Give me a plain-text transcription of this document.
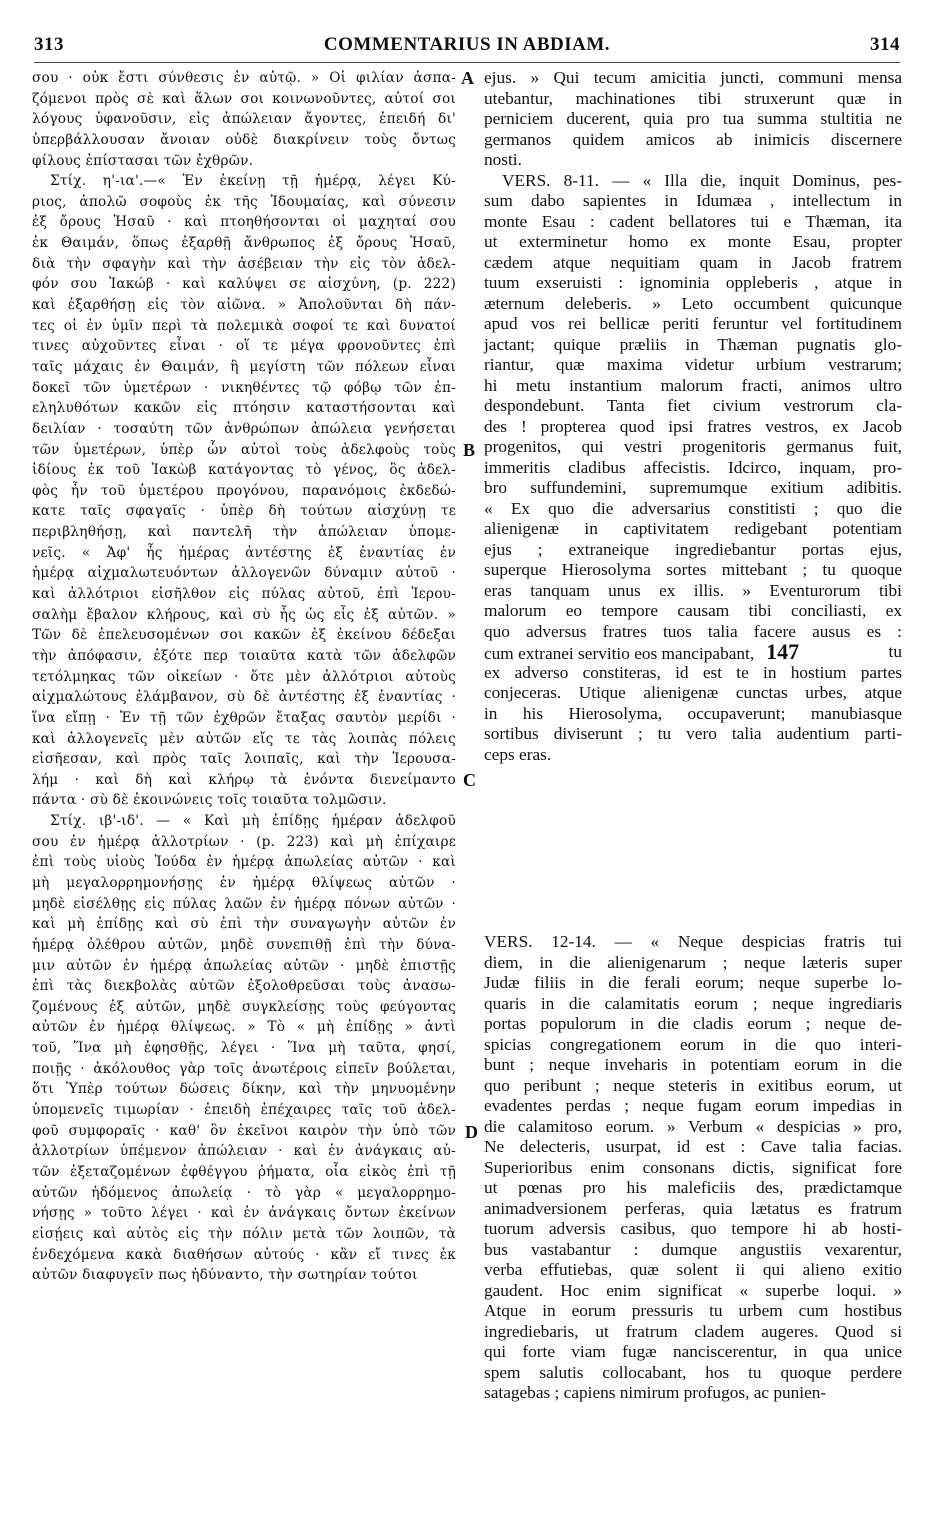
313	COMMENTARIUS IN ABDIAM.	314
σου · οὐκ ἔστι σύνθεσις ἐν αὐτῷ. » Οἱ φιλίαν ἀσπα-
ζόμενοι πρὸς σὲ καὶ ἅλων σοι κοινωνοῦντες, αὐτοί σοι
λόγους ὑφανοῦσιν, εἰς ἀπώλειαν ἄγοντες, ἐπειδή δι'
ὑπερβάλλουσαν ἄνοιαν οὐδὲ διακρίνειν τοὺς ὄντως
φίλους ἐπίστασαι τῶν ἐχθρῶν.
Στίχ. η'-ια'.—« Ἐν ἐκείνῃ τῇ ἡμέρᾳ, λέγει Κύ-
ριος, ἀπολῶ σοφοὺς ἐκ τῆς Ἰδουμαίας, καὶ σύνεσιν
ἐξ ὄρους Ἡσαῦ · καὶ πτοηθήσονται οἱ μαχηταί σου
ἐκ Θαιμάν, ὅπως ἐξαρθῇ ἄνθρωπος ἐξ ὄρους Ἡσαῦ,
διὰ τὴν σφαγὴν καὶ τὴν ἀσέβειαν τὴν εἰς τὸν ἀδελ-
φόν σου Ἰακώβ · καὶ καλύψει σε αἰσχύνη, (p. 222)
καὶ ἐξαρθήσῃ εἰς τὸν αἰῶνα. » Ἀπολοῦνται δὴ πάν-
τες οἱ ἐν ὑμῖν περὶ τὰ πολεμικὰ σοφοί τε καὶ δυνατοί
τινες αὐχοῦντες εἶναι · οἵ τε μέγα φρονοῦντες ἐπὶ
ταῖς μάχαις ἐν Θαιμάν, ἣ μεγίστη τῶν πόλεων εἶναι
δοκεῖ τῶν ὑμετέρων · νικηθέντες τῷ φόβῳ τῶν ἐπ-
εληλυθότων κακῶν εἰς πτόησιν καταστήσονται καὶ
δειλίαν · τοσαύτη τῶν ἀνθρώπων ἀπώλεια γενήσεται
τῶν ὑμετέρων, ὑπὲρ ὧν αὐτοὶ τοὺς ἀδελφοὺς τοὺς
ἰδίους ἐκ τοῦ Ἰακὼβ κατάγοντας τὸ γένος, ὃς ἀδελ-
φὸς ἦν τοῦ ὑμετέρου προγόνου, παρανόμοις ἐκδεδώ-
κατε ταῖς σφαγαῖς · ὑπὲρ δὴ τούτων αἰσχύνῃ τε
περιβληθήσῃ, καὶ παντελῆ τὴν ἀπώλειαν ὑπομε-
νεῖς. « Ἀφ' ἧς ἡμέρας ἀντέστης ἐξ ἐναντίας ἐν
ἡμέρᾳ αἰχμαλωτευόντων ἀλλογενῶν δύναμιν αὐτοῦ ·
καὶ ἀλλότριοι εἰσῆλθον εἰς πύλας αὐτοῦ, ἐπὶ Ἱερου-
σαλὴμ ἔβαλον κλήρους, καὶ σὺ ἧς ὡς εἷς ἐξ αὐτῶν. »
Τῶν δὲ ἐπελευσομένων σοι κακῶν ἐξ ἐκείνου δέδεξαι
τὴν ἀπόφασιν, ἐξότε περ τοιαῦτα κατὰ τῶν ἀδελφῶν
τετόλμηκας τῶν οἰκείων · ὅτε μὲν ἀλλότριοι αὐτοὺς
αἰχμαλώτους ἐλάμβανον, σὺ δὲ ἀντέστης ἐξ ἐναντίας ·
ἵνα εἴπῃ · Ἐν τῇ τῶν ἐχθρῶν ἔταξας σαυτὸν μερίδι ·
καὶ ἀλλογενεῖς μὲν αὐτῶν εἴς τε τὰς λοιπὰς πόλεις
εἰσῆεσαν, καὶ πρὸς ταῖς λοιπαῖς, καὶ τὴν Ἱερουσα-
λήμ · καὶ δὴ καὶ κλήρῳ τὰ ἐνόντα διενείμαντο
πάντα · σὺ δὲ ἐκοινώνεις τοῖς τοιαῦτα τολμῶσιν.
Στίχ. ιβ'-ιδ'. — « Καὶ μὴ ἐπίδῃς ἡμέραν ἀδελφοῦ
σου ἐν ἡμέρᾳ ἀλλοτρίων · (p. 223) καὶ μὴ ἐπίχαιρε
ἐπὶ τοὺς υἱοὺς Ἰούδα ἐν ἡμέρᾳ ἀπωλείας αὐτῶν · καὶ
μὴ μεγαλορρημονήσῃς ἐν ἡμέρᾳ θλίψεως αὐτῶν ·
μηδὲ εἰσέλθῃς εἰς πύλας λαῶν ἐν ἡμέρᾳ πόνων αὐτῶν ·
καὶ μὴ ἐπίδῃς καὶ σὺ ἐπὶ τὴν συναγωγὴν αὐτῶν ἐν
ἡμέρᾳ ὀλέθρου αὐτῶν, μηδὲ συνεπιθῇ ἐπὶ τὴν δύνα-
μιν αὐτῶν ἐν ἡμέρᾳ ἀπωλείας αὐτῶν · μηδὲ ἐπιστῇς
ἐπὶ τὰς διεκβολὰς αὐτῶν ἐξολοθρεῦσαι τοὺς ἀνασω-
ζομένους ἐξ αὐτῶν, μηδὲ συγκλείσῃς τοὺς φεύγοντας
αὐτῶν ἐν ἡμέρᾳ θλίψεως. » Τὸ « μὴ ἐπίδῃς » ἀντὶ
τοῦ, Ἵνα μὴ ἐφησθῇς, λέγει · Ἵνα μὴ ταῦτα, φησί,
ποιῇς · ἀκόλουθος γὰρ τοῖς ἀνωτέροις εἰπεῖν βούλεται,
ὅτι Ὑπὲρ τούτων δώσεις δίκην, καὶ τὴν μηνυομένην
ὑπομενεῖς τιμωρίαν · ἐπειδὴ ἐπέχαιρες ταῖς τοῦ ἀδελ-
φοῦ συμφοραῖς · καθ' ὃν ἐκεῖνοι καιρὸν τὴν ὑπὸ τῶν
ἀλλοτρίων ὑπέμενον ἀπώλειαν · καὶ ἐν ἀνάγκαις αὐ-
τῶν ἐξεταζομένων ἐφθέγγου ῥήματα, οἷα εἰκὸς ἐπὶ τῇ
αὐτῶν ἡδόμενος ἀπωλείᾳ · τὸ γὰρ « μεγαλορρημο-
νήσῃς » τοῦτο λέγει · καὶ ἐν ἀνάγκαις ὄντων ἐκείνων
εἰσῄεις καὶ αὐτὸς εἰς τὴν πόλιν μετὰ τῶν λοιπῶν, τὰ
ἐνδεχόμενα κακὰ διαθήσων αὐτούς · κἂν εἴ τινες ἐκ
αὐτῶν διαφυγεῖν πως ἠδύναντο, τὴν σωτηρίαν τούτοι
ejus. » Qui tecum amicitia juncti, communi mensa
utebantur, machinationes tibi struxerunt quæ in
perniciem ducerent, quia pro tua summa stultitia ne
germanos quidem amicos ab inimicis discernere
nosti.
VERS. 8-11. — « Illa die, inquit Dominus, pes-
sum dabo sapientes in Idumæa , intellectum in
monte Esau : cadent bellatores tui e Thæman, ita
ut exterminetur homo ex monte Esau, propter
cædem atque nequitiam quam in Jacob fratrem
tuum exseruisti : ignominia oppleberis , atque in
æternum deleberis. » Leto occumbent quicunque
apud vos rei bellicæ periti feruntur vel fortitudinem
jactant; quique præliis in Thæman pugnatis glo-
riantur, quæ maxima videtur urbium vestrarum;
hi metu instantium malorum fracti, animos ultro
despondebunt. Tanta fiet civium vestrorum cla-
des ! propterea quod ipsi fratres vestros, ex Jacob
progenitos, qui vestri progenitoris germanus fuit,
immeritis cladibus affecistis. Idcirco, inquam, pro-
bro suffundemini, supremumque exitium adibitis.
« Ex quo die adversarius constitisti ; quo die
alienigenæ in captivitatem redigebant potentiam
ejus ; extraneique ingrediebantur portas ejus,
superque Hierosolyma sortes mittebant ; tu quoque
eras tanquam unus ex illis. » Eventurorum tibi
malorum eo tempore causam tibi conciliasti, ex
quo adversus fratres tuos talia facere ausus es :
cum extranei servitio eos mancipabant, 147	tu
ex adverso constiteras, id est te in hostium partes
conjeceras. Utique alienigenæ cunctas urbes, atque
in his Hierosolyma, occupaverunt; manubiasque
sortibus diviserunt ; tu vero talia audentium parti-
ceps eras.
VERS. 12-14. — « Neque despicias fratris tui
diem, in die alienigenarum ; neque læteris super
Judæ filiis in die ferali eorum; neque superbe lo-
quaris in die calamitatis eorum ; neque ingrediaris
portas populorum in die cladis eorum ; neque de-
spicias congregationem eorum in die quo interi-
bunt ; neque inveharis in potentiam eorum in die
quo peribunt ; neque steteris in exitibus eorum, ut
evadentes perdas ; neque fugam eorum impedias in
die calamitoso eorum. » Verbum « despicias » pro,
Ne delecteris, usurpat, id est : Cave talia facias.
Superioribus enim consonans dictis, significat fore
ut pœnas pro his maleficiis des, prædictamque
animadversionem perferas, quia lætatus es fratrum
tuorum adversis casibus, quo tempore hi ab hosti-
bus vastabantur : dumque angustiis vexarentur,
verba effutiebas, quæ solent ii qui alieno exitio
gaudent. Hoc enim significat « superbe loqui. »
Atque in eorum pressuris tu urbem cum hostibus
ingrediebaris, ut fratrum cladem augeres. Quod si
qui forte viam fugæ nanciscerentur, in qua unice
spem salutis collocabant, hos tu quoque perdere
satagebas ; capiens nimirum profugos, ac punien-
A
B
C
D
